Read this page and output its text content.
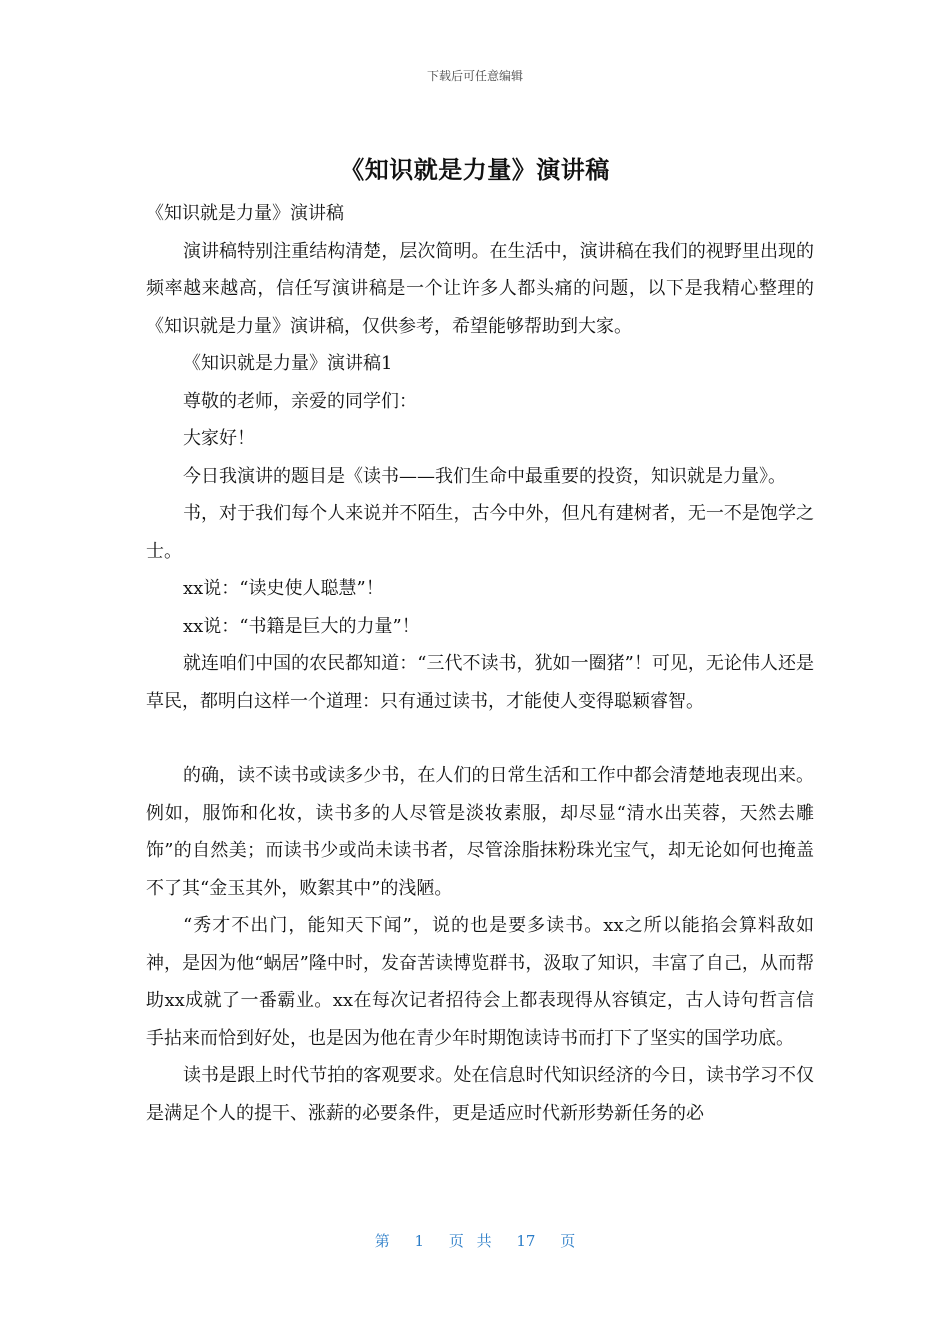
下载后可任意编辑
《知识就是力量》演讲稿

《知识就是力量》演讲稿

演讲稿特别注重结构清楚，层次简明。在生活中，演讲稿在我们的视野里出现的频率越来越高，信任写演讲稿是一个让许多人都头痛的问题，以下是我精心整理的《知识就是力量》演讲稿，仅供参考，希望能够帮助到大家。

《知识就是力量》演讲稿1

尊敬的老师，亲爱的同学们：

大家好！

今日我演讲的题目是《读书——我们生命中最重要的投资，知识就是力量》。

书，对于我们每个人来说并不陌生，古今中外，但凡有建树者，无一不是饱学之士。

xx说：“读史使人聪慧”！

xx说：“书籍是巨大的力量”！

就连咱们中国的农民都知道：“三代不读书，犹如一圈猪”！可见，无论伟人还是草民，都明白这样一个道理：只有通过读书，才能使人变得聪颖睿智。

的确，读不读书或读多少书，在人们的日常生活和工作中都会清楚地表现出来。例如，服饰和化妆，读书多的人尽管是淡妆素服，却尽显“清水出芙蓉，天然去雕饰”的自然美；而读书少或尚未读书者，尽管涂脂抹粉珠光宝气，却无论如何也掩盖不了其“金玉其外，败絮其中”的浅陋。

“秀才不出门，能知天下闻”，说的也是要多读书。xx之所以能掐会算料敌如神，是因为他“蜗居”隆中时，发奋苦读博览群书，汲取了知识，丰富了自己，从而帮助xx成就了一番霸业。xx在每次记者招待会上都表现得从容镇定，古人诗句哲言信手拈来而恰到好处，也是因为他在青少年时期饱读诗书而打下了坚实的国学功底。

读书是跟上时代节拍的客观要求。处在信息时代知识经济的今日，读书学习不仅是满足个人的提干、涨薪的必要条件，更是适应时代新形势新任务的必

第 1 页 共 17 页
